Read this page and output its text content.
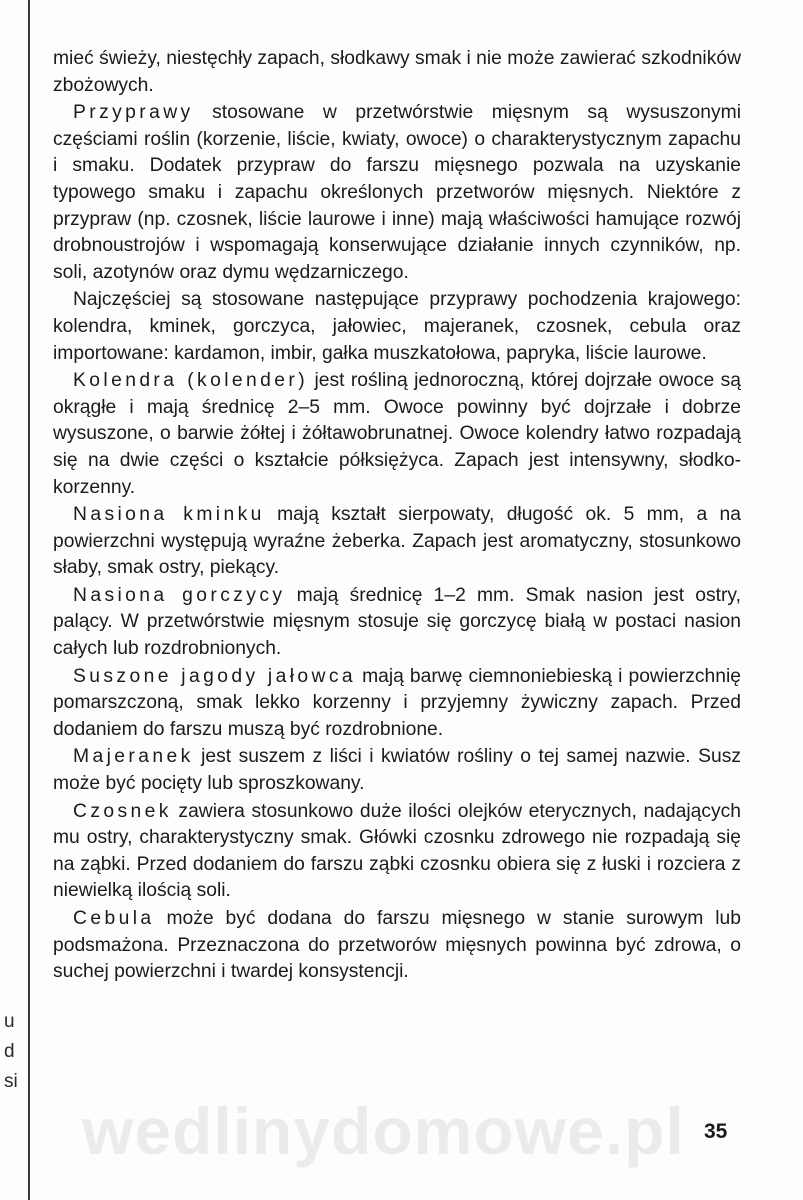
u
d
si

mieć świeży, niestęchły zapach, słodkawy smak i nie może zawierać szkodników zbożowych.

Przyprawy stosowane w przetwórstwie mięsnym są wysuszonymi częściami roślin (korzenie, liście, kwiaty, owoce) o charakterystycznym zapachu i smaku. Dodatek przypraw do farszu mięsnego pozwala na uzyskanie typowego smaku i zapachu określonych przetworów mięsnych. Niektóre z przypraw (np. czosnek, liście laurowe i inne) mają właściwości hamujące rozwój drobnoustrojów i wspomagają konserwujące działanie innych czynników, np. soli, azotynów oraz dymu wędzarniczego.

Najczęściej są stosowane następujące przyprawy pochodzenia krajowego: kolendra, kminek, gorczyca, jałowiec, majeranek, czosnek, cebula oraz importowane: kardamon, imbir, gałka muszkatołowa, papryka, liście laurowe.

Kolendra (kolender) jest rośliną jednoroczną, której dojrzałe owoce są okrągłe i mają średnicę 2–5 mm. Owoce powinny być dojrzałe i dobrze wysuszone, o barwie żółtej i żółtawobrunatnej. Owoce kolendry łatwo rozpadają się na dwie części o kształcie półksiężyca. Zapach jest intensywny, słodko-korzenny.

Nasiona kminku mają kształt sierpowaty, długość ok. 5 mm, a na powierzchni występują wyraźne żeberka. Zapach jest aromatyczny, stosunkowo słaby, smak ostry, piekący.

Nasiona gorczycy mają średnicę 1–2 mm. Smak nasion jest ostry, palący. W przetwórstwie mięsnym stosuje się gorczycę białą w postaci nasion całych lub rozdrobnionych.

Suszone jagody jałowca mają barwę ciemnoniebieską i powierzchnię pomarszczoną, smak lekko korzenny i przyjemny żywiczny zapach. Przed dodaniem do farszu muszą być rozdrobnione.

Majeranek jest suszem z liści i kwiatów rośliny o tej samej nazwie. Susz może być pocięty lub sproszkowany.

Czosnek zawiera stosunkowo duże ilości olejków eterycznych, nadających mu ostry, charakterystyczny smak. Główki czosnku zdrowego nie rozpadają się na ząbki. Przed dodaniem do farszu ząbki czosnku obiera się z łuski i rozciera z niewielką ilością soli.

Cebula może być dodana do farszu mięsnego w stanie surowym lub podsmażona. Przeznaczona do przetworów mięsnych powinna być zdrowa, o suchej powierzchni i twardej konsystencji.

wedlinydomowe.pl 35
